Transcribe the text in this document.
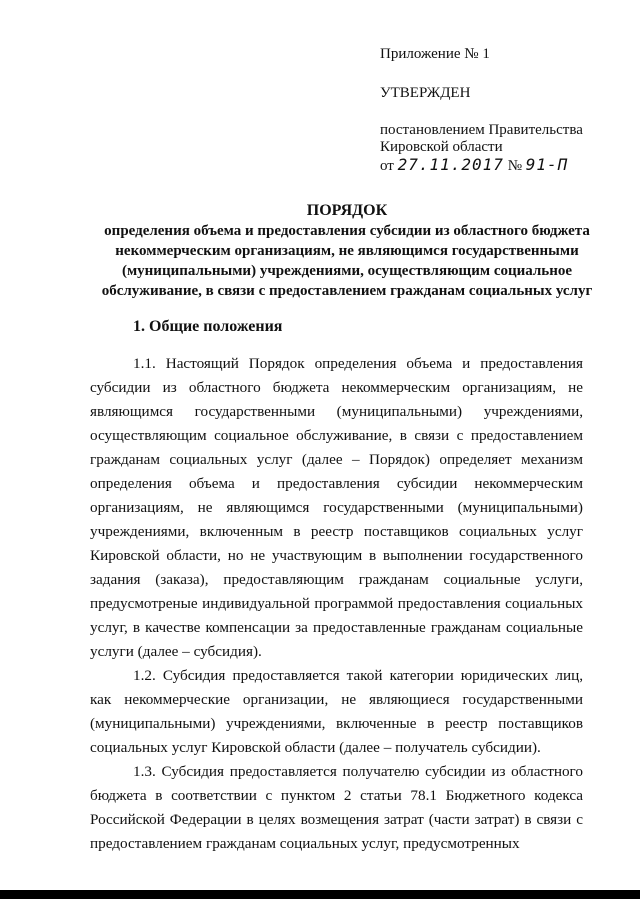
Приложение № 1
УТВЕРЖДЕН
постановлением Правительства
Кировской области
от 27.11.2017 № 91-П
ПОРЯДОК
определения объема и предоставления субсидии из областного бюджета некоммерческим организациям, не являющимся государственными (муниципальными) учреждениями, осуществляющим социальное обслуживание, в связи с предоставлением гражданам социальных услуг
1. Общие положения

1.1. Настоящий Порядок определения объема и предоставления субсидии из областного бюджета некоммерческим организациям, не являющимся государственными (муниципальными) учреждениями, осуществляющим социальное обслуживание, в связи с предоставлением гражданам социальных услуг (далее – Порядок) определяет механизм определения объема и предоставления субсидии некоммерческим организациям, не являющимся государственными (муниципальными) учреждениями, включенным в реестр поставщиков социальных услуг Кировской области, но не участвующим в выполнении государственного задания (заказа), предоставляющим гражданам социальные услуги, предусмотреные индивидуальной программой предоставления социальных услуг, в качестве компенсации за предоставленные гражданам социальные услуги (далее – субсидия).

1.2. Субсидия предоставляется такой категории юридических лиц, как некоммерческие организации, не являющиеся государственными (муниципальными) учреждениями, включенные в реестр поставщиков социальных услуг Кировской области (далее – получатель субсидии).

1.3. Субсидия предоставляется получателю субсидии из областного бюджета в соответствии с пунктом 2 статьи 78.1 Бюджетного кодекса Российской Федерации в целях возмещения затрат (части затрат) в связи с предоставлением гражданам социальных услуг, предусмотренных
